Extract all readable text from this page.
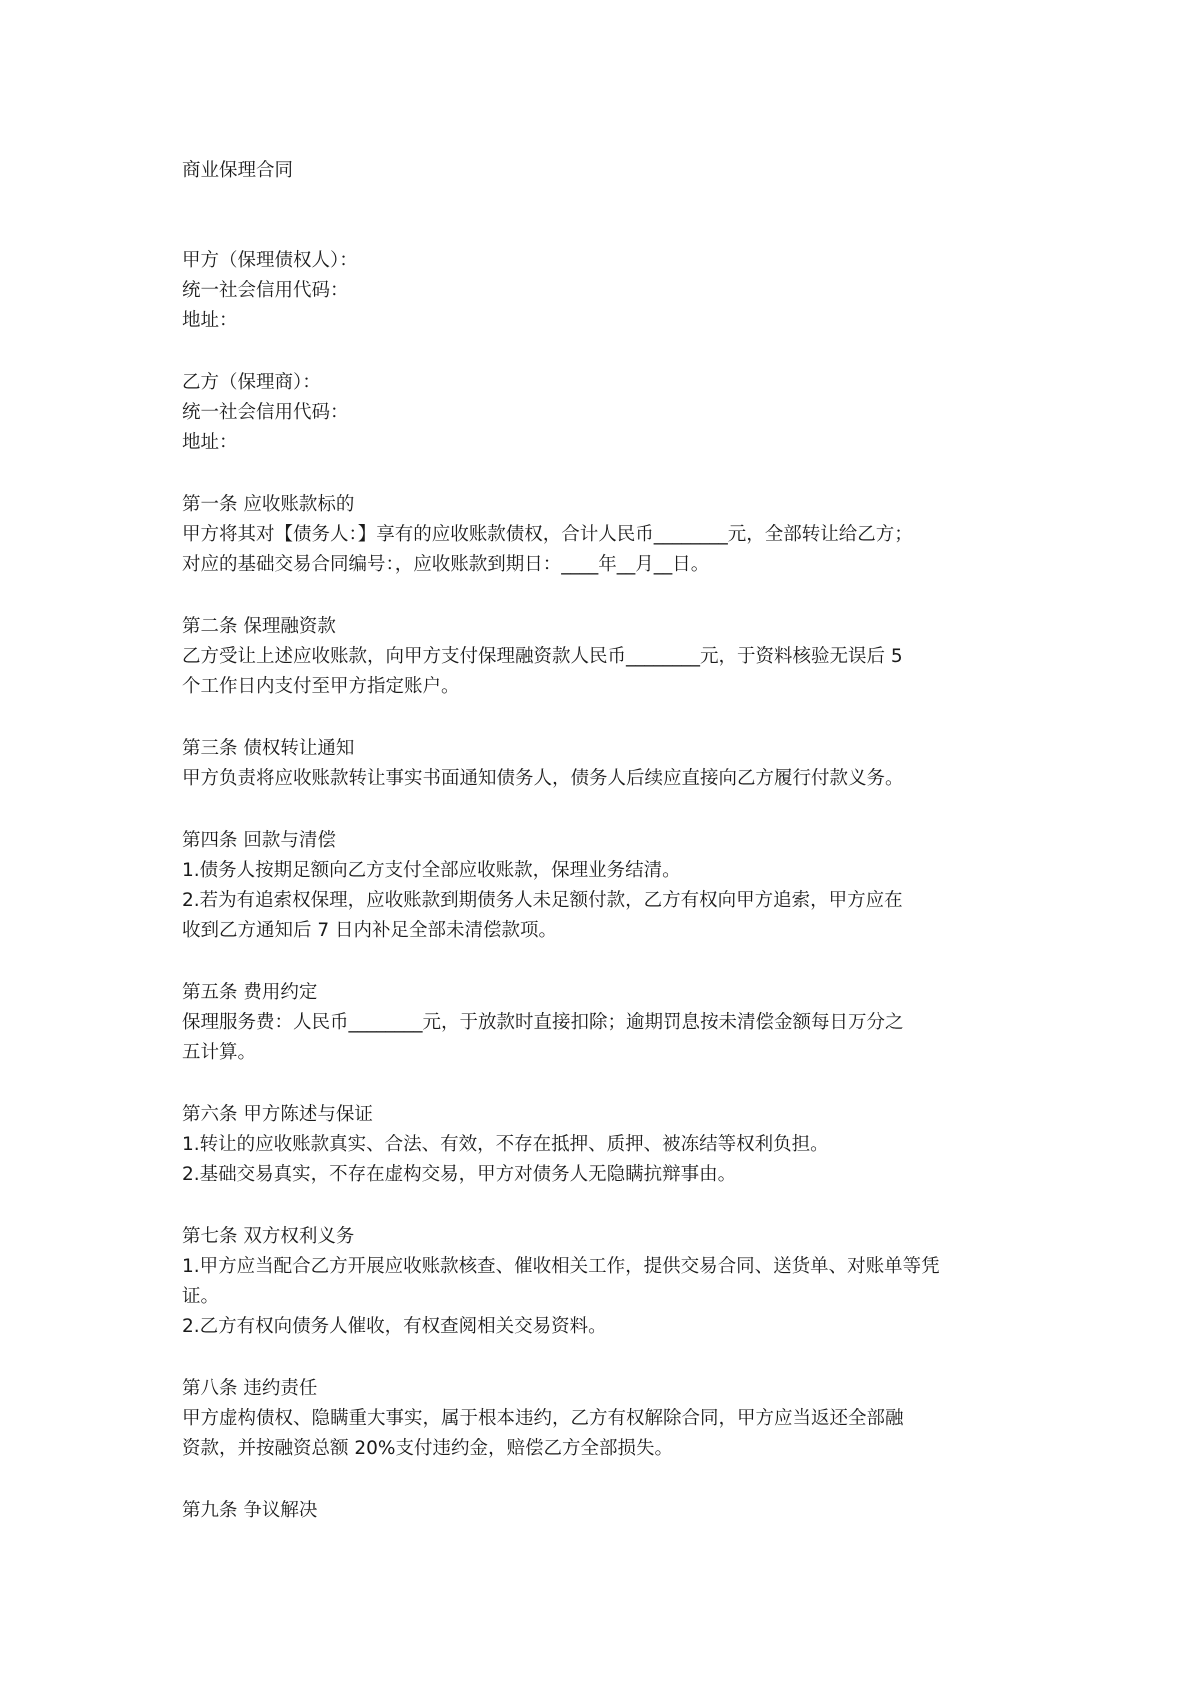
商业保理合同
甲方（保理债权人）：
统一社会信用代码：
地址：
乙方（保理商）：
统一社会信用代码：
地址：
第一条 应收账款标的
甲方将其对【债务人：】享有的应收账款债权，合计人民币________元，全部转让给乙方；
对应的基础交易合同编号：，应收账款到期日：____年__月__日。
第二条 保理融资款
乙方受让上述应收账款，向甲方支付保理融资款人民币________元，于资料核验无误后 5
个工作日内支付至甲方指定账户。
第三条 债权转让通知
甲方负责将应收账款转让事实书面通知债务人，债务人后续应直接向乙方履行付款义务。
第四条 回款与清偿
1.债务人按期足额向乙方支付全部应收账款，保理业务结清。
2.若为有追索权保理，应收账款到期债务人未足额付款，乙方有权向甲方追索，甲方应在
收到乙方通知后 7 日内补足全部未清偿款项。
第五条 费用约定
保理服务费：人民币________元，于放款时直接扣除；逾期罚息按未清偿金额每日万分之
五计算。
第六条 甲方陈述与保证
1.转让的应收账款真实、合法、有效，不存在抵押、质押、被冻结等权利负担。
2.基础交易真实，不存在虚构交易，甲方对债务人无隐瞒抗辩事由。
第七条 双方权利义务
1.甲方应当配合乙方开展应收账款核查、催收相关工作，提供交易合同、送货单、对账单等凭
证。
2.乙方有权向债务人催收，有权查阅相关交易资料。
第八条 违约责任
甲方虚构债权、隐瞒重大事实，属于根本违约，乙方有权解除合同，甲方应当返还全部融
资款，并按融资总额 20%支付违约金，赔偿乙方全部损失。
第九条 争议解决
